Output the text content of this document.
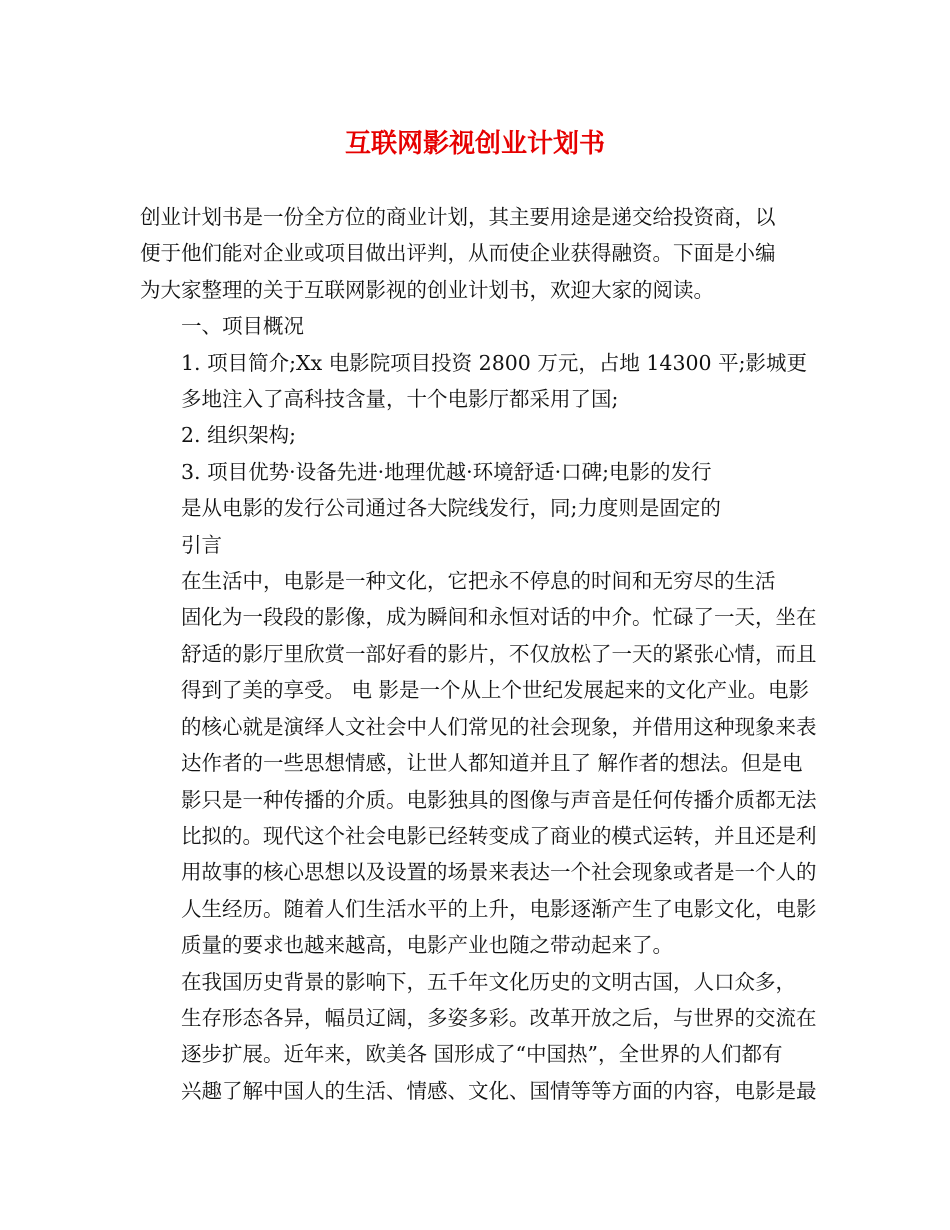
互联网影视创业计划书

创业计划书是一份全方位的商业计划，其主要用途是递交给投资商，以
便于他们能对企业或项目做出评判，从而使企业获得融资。下面是小编
为大家整理的关于互联网影视的创业计划书，欢迎大家的阅读。

一、项目概况

1. 项目简介;Xx 电影院项目投资 2800 万元，占地 14300 平;影城更
多地注入了高科技含量，十个电影厅都采用了国;

2. 组织架构;

3. 项目优势·设备先进·地理优越·环境舒适·口碑;电影的发行
是从电影的发行公司通过各大院线发行，同;力度则是固定的

引言

在生活中，电影是一种文化，它把永不停息的时间和无穷尽的生活
固化为一段段的影像，成为瞬间和永恒对话的中介。忙碌了一天，坐在
舒适的影厅里欣赏一部好看的影片，不仅放松了一天的紧张心情，而且
得到了美的享受。 电 影是一个从上个世纪发展起来的文化产业。电影
的核心就是演绎人文社会中人们常见的社会现象，并借用这种现象来表
达作者的一些思想情感，让世人都知道并且了 解作者的想法。但是电
影只是一种传播的介质。电影独具的图像与声音是任何传播介质都无法
比拟的。现代这个社会电影已经转变成了商业的模式运转，并且还是利
用故事的核心思想以及设置的场景来表达一个社会现象或者是一个人的
人生经历。随着人们生活水平的上升，电影逐渐产生了电影文化，电影
质量的要求也越来越高，电影产业也随之带动起来了。

在我国历史背景的影响下，五千年文化历史的文明古国，人口众多，
生存形态各异，幅员辽阔，多姿多彩。改革开放之后，与世界的交流在
逐步扩展。近年来，欧美各 国形成了“中国热”，全世界的人们都有
兴趣了解中国人的生活、情感、文化、国情等等方面的内容，电影是最
